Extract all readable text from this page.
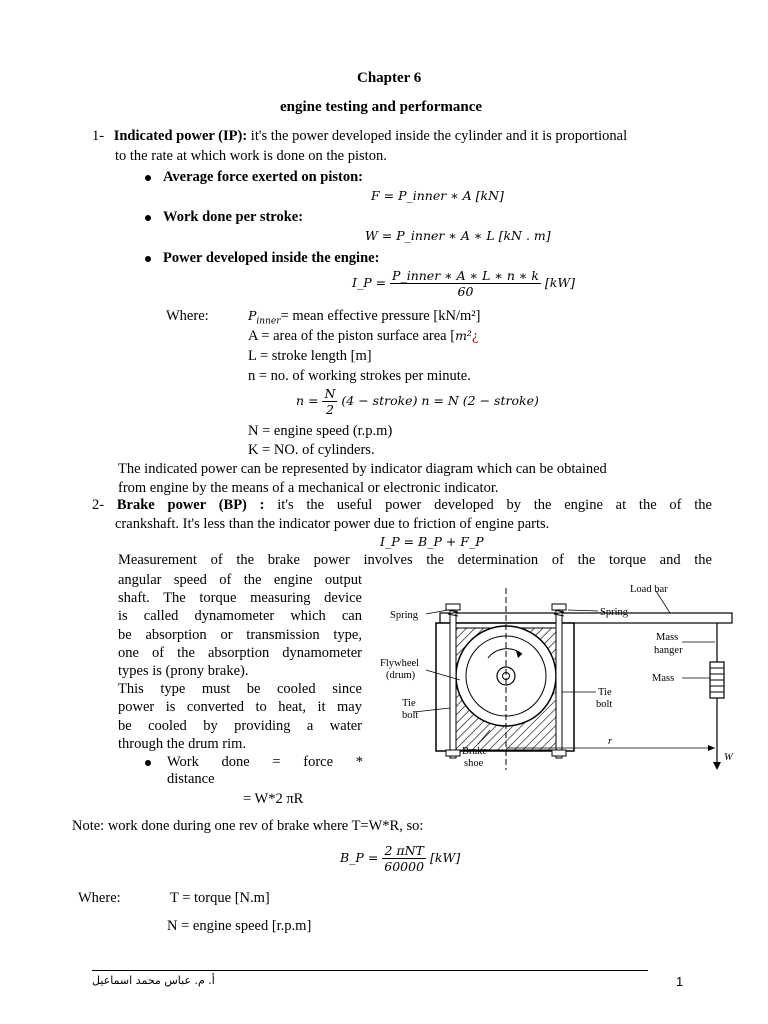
Chapter 6
engine testing and performance
1- Indicated power (IP): it's the power developed inside the cylinder and it is proportional
to the rate at which work is done on the piston.
Average force exerted on piston:
F = P_inner ∗ A [kN]
Work done per stroke:
W = P_inner ∗ A ∗ L [kN . m]
Power developed inside the engine:
I_P = $\frac{\text{P\_inner ∗ A ∗ L ∗ n ∗ k}}{60} [kW]$
Where:	$P_{inner}=$ mean effective pressure [kN/m²]
A = area of the piston surface area [m²¿
L = stroke length [m]
n = no. of working strokes per minute.
$n = \frac{N}{2} (4$ − stroke) n = N (2 − stroke)
N = engine speed (r.p.m)
K = NO. of cylinders.
The indicated power can be represented by indicator diagram which can be obtained
from engine by the means of a mechanical or electronic indicator.
2- Brake power (BP) : it's the useful power developed by the engine at the of the
crankshaft. It's less than the indicator power due to friction of engine parts.
I_P = B_P + F_P
Measurement of the brake power involves the determination of the torque and the
angular speed of the engine output
shaft. The torque measuring device
is called dynamometer which can
be absorption or transmission type,
one of the absorption dynamometer
types is (prony brake).
This type must be cooled since
power is converted to heat, it may
be cooled by providing a water
through the drum rim.
Work done = force *
distance
= W*2 πR
Load bar
Spring	Spring
Mass
hanger
Mass
Flywheel
(drum)
Tie
bolt
Tie
bolt
Brake
shoe
r
W
Note: work done during one rev of brake where T=W*R, so:
B_P = $\frac{\text{2 πNT}}{60000} [kW]$
Where:	T = torque [N.m]
N = engine speed [r.p.m]
أ. م. عباس محمد اسماعيل	1
